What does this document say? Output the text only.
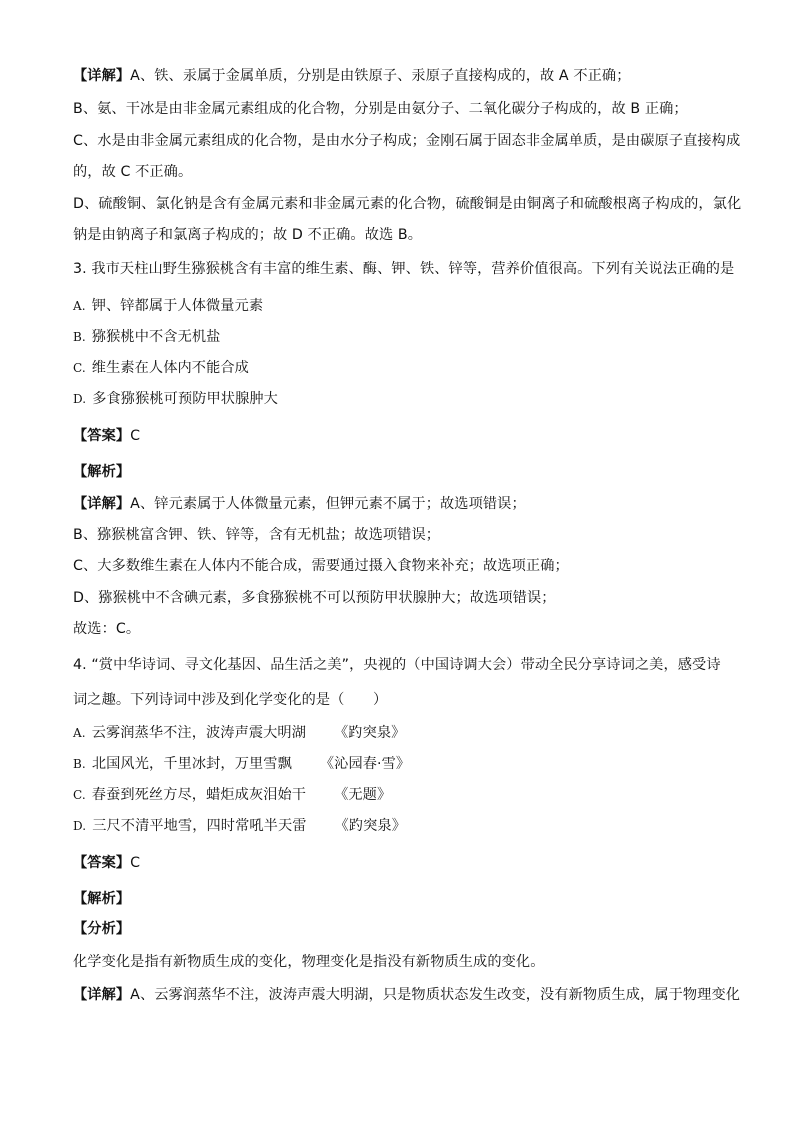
【详解】A、铁、汞属于金属单质，分别是由铁原子、汞原子直接构成的，故 A 不正确；
B、氨、干冰是由非金属元素组成的化合物，分别是由氨分子、二氧化碳分子构成的，故 B 正确；
C、水是由非金属元素组成的化合物，是由水分子构成；金刚石属于固态非金属单质，是由碳原子直接构成
的，故 C 不正确。
D、硫酸铜、氯化钠是含有金属元素和非金属元素的化合物，硫酸铜是由铜离子和硫酸根离子构成的，氯化
钠是由钠离子和氯离子构成的；故 D 不正确。故选 B。
3. 我市天柱山野生猕猴桃含有丰富的维生素、酶、钾、铁、锌等，营养价值很高。下列有关说法正确的是
A. 钾、锌都属于人体微量元素
B. 猕猴桃中不含无机盐
C. 维生素在人体内不能合成
D. 多食猕猴桃可预防甲状腺肿大
【答案】C
【解析】
【详解】A、锌元素属于人体微量元素，但钾元素不属于；故选项错误；
B、猕猴桃富含钾、铁、锌等，含有无机盐；故选项错误；
C、大多数维生素在人体内不能合成，需要通过摄入食物来补充；故选项正确；
D、猕猴桃中不含碘元素，多食猕猴桃不可以预防甲状腺肿大；故选项错误；
故选：C。
4. “赏中华诗词、寻文化基因、品生活之美”，央视的（中国诗调大会）带动全民分享诗词之美，感受诗
词之趣。下列诗词中涉及到化学变化的是（　　）
A. 云雾润蒸华不注，波涛声震大明湖 《趵突泉》
B. 北国风光，千里冰封，万里雪飘 《沁园春·雪》
C. 春蚕到死丝方尽，蜡炬成灰泪始干 《无题》
D. 三尺不清平地雪，四时常吼半天雷 《趵突泉》
【答案】C
【解析】
【分析】
化学变化是指有新物质生成的变化，物理变化是指没有新物质生成的变化。
【详解】A、云雾润蒸华不注，波涛声震大明湖，只是物质状态发生改变，没有新物质生成，属于物理变化
